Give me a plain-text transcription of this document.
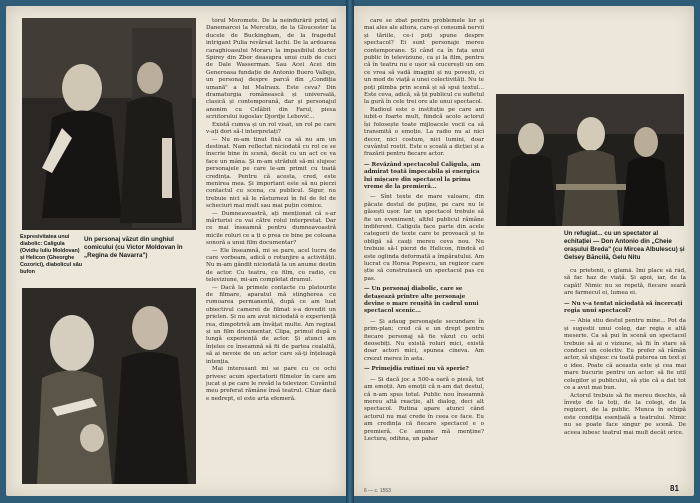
Un personaj văzut din unghiul comicului (cu Victor Moldovan în „Regina de Navarra")
Expresivitatea unui diabolic: Caligula (Ovidiu Iuliu Moldovan) și Helicon (Gheorghe Cozorici), diabolicul său bufon

torul Moromete. De la neîndurării prinț al Danemarcei la Mercutio, de la Gloucester la ducele de Buckingham, de la frageduI intrigant Pulia revărsat Iachi. De la ardoarea caraghioasului Moraru la impasibilul doctor Spirey din Zbor deasupra unui cuib de cuci de Dale Wasserman. Sau Acei Acei din Generoasa fundație de Antonio Buero Vallejo, un personaj despre parcă din „Condiția umană" a lui Malraux. Este ceva? Din dramaturgia românească și universală, clasică și contemporană, dar și personajul anonim cu Celâbit din Farul, piesa scriitorului iugoslav Djordje Lebović...

Există cumva și un rol visat, un rol pe care v-ați dori să-l interpretați?

— Nu m-am tinut fixă ca să nu am un destinat. Nam reflectat niciodată cu rol ce se înscrie bine în scenă, decât cu un act ce va face un mâna. Și m-am străduit să-mi slujesc personajele pe care le-am primit cu toată credința. Pentru că acesta, cred, este menirea mea. Și important este să nu pierzi contactul cu scena, cu publicul. Sigur, nu trebuie nici să le răsturnezi în fel de fel de scheciuri mai mult sau mai puțin comice.

— Dumneavoastră, ați menționat că s-ar mărturisi cu vai către rolul interpretat. Dar ce mai înseamnă pentru dumneavoastră micile roluri ce a ți o prea ce bine pe coloana sonoră a unui film documentar?

— Ele înseamnă, mi se pare, acel lucru de care vorbeam, adică o rotunjire a activității. Nu m-am gândit niciodată la un anume destin de actor. Cu teatru, cu film, cu radio, cu televiziune, mi-am completat drumul.

— Dacă la primele contacte cu platourile de filmare, aparatul mă stingherea cu rumoarea permanentă, după ce am luat obiectivul camerei de filmat s-a dovedit un prieten. Și nu am avut niciodată o experiență rea, dimpotrivă am învățat multe. Am regizat și un film documentar, Clipa, primul după o lungă experiență de actor. Și atunci am înțeles ce înseamnă să fii de partea cealaltă, să ai nevoie de un actor care să-ți înțeleagă intenția.

Mai interesant mi se pare cu ce ochi privesc acum spectatorii filmelor în care am jucat și pe care le revăd la televizor. Cuvântul meu preferat rămâne însă teatrul. Chiar dacă e nedrept, el este arta efemeră.

care se zbat pentru problemele lor și mai ales ale altora, care-și consumă nervii și tăriile, ce-i poți spune despre spectacol? Ei sunt personaje mereu contemporane. Și când ca în fața unui public în televiziune, ca și la film, pentru că în teatru nu e ușor să cucerești un om ce vrea să vadă imagini și nu povești, ci un mod de viață a unei colectivități. Nu te poți plimba prin scenă și să spui textul... Este ceva, adică, să ții publicul cu sufletul la gură în cele trei ore ale unui spectacol.

Radioul este o instituție pe care am iubit-o foarte mult, fiindcă acolo actorul își folosește toate mijloacele vocii ca să transmită o emoție. La radio nu ai nici decor, nici costum, nici lumini, doar cuvântul rostit. Este o școală a dicției și a frazării pentru fiecare actor.

— Revăzând spectacolul Caligula, am admirat toată împecabila și energica lui mișcare din spectacol la prima vreme de la premieră...

— Sînt texte de mare valoare, din păcate destul de puține, pe care nu le găsești ușor. Iar un spectacol trebuie să fie un eveniment, altfel publicul rămâne indiferent. Caligula face parte din acele categorii de texte care te provoacă și te obligă să cauți mereu ceva nou. Nu trebuie să-l pierzi de Helicon, fiindcă el este oglinda deformată a împăratului. Am lucrat cu Horea Popescu, un regizor care știe să construiască un spectacol pas cu pas.

— Un personaj diabolic, care se detașează printre alte personaje devine o mare reușită în cadrul unui spectacol scenic...

— Și adaug personajele secundare în prim-plan; cred că e un drept pentru fiecare personaj să fie văzut cu ochi deosebiți. Nu există roluri mici, există doar actori mici, spunea cineva. Am crezut mereu în asta.

— Primejdia rutinei nu vă sperie?

— Și dacă joc a 500-a oară o piesă, tot am emoții. Am emoții că n-am dat destul, că n-am spus totul. Public nou înseamnă mereu altă reacție, alt dialog, deci alt spectacol. Rutina apare atunci când actorul nu mai crede în ceea ce face. Eu am credința că fiecare spectacol e o premieră. Ce anume mă menține? Lectura, odihna, un pahar

Un refugiat... cu un spectator al echitației — Don Antonio din „Cheie orașului Breda" (cu Mircea Albulescu) și Gelsey Băncilă, Gelu Nitu

cu prietenii, o glumă. Îmi place să râd, să fac haz de viață. Și apoi, iar, de la capăt! Nimic nu se repetă, fiecare seară are farmecul ei, lumea ei.

— Nu v-a tentat niciodată să încercați regia unui spectacol?

— Abia stiu destul pentru mine... Pot da și sugestii unui coleg, dar regia e altă meserie. Ca să pui în scenă un spectacol trebuie să ai o viziune, să fii în stare să conduci un colectiv. Eu prefer să rămân actor, să slujesc cu toată puterea un text și o idee. Poate că aceasta este și cea mai mare bucurie pentru un actor: să fie util colegilor și publicului, să știe că a dat tot ce a avut mai bun.

Actorul trebuie să fie mereu deschis, să învețe de la toți, de la colegi, de la regizori, de la public. Munca în echipă este condiția esențială a teatrului. Nimic nu se poate face singur pe scenă. De aceea iubesc teatrul mai mult decât orice.

6 — c. 1553	81
